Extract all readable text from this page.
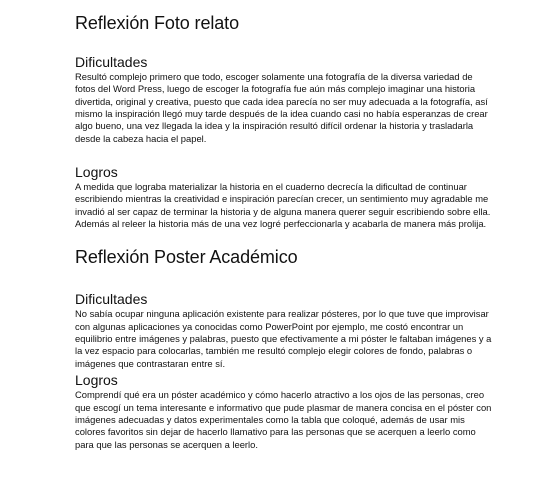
Reflexión Foto relato
Dificultades

Resultó complejo primero que todo, escoger solamente una fotografía de la diversa variedad de fotos del Word Press, luego de escoger la fotografía fue aún más complejo imaginar una historia divertida, original y creativa, puesto que cada idea parecía no ser muy adecuada a la fotografía, así mismo la inspiración llegó muy tarde después de la idea cuando casi no había esperanzas de crear algo bueno, una vez llegada la idea y la inspiración resultó difícil ordenar la historia y trasladarla desde la cabeza hacia el papel.

Logros

A medida que lograba materializar la historia en el cuaderno decrecía la dificultad de continuar escribiendo mientras la creatividad e inspiración parecían crecer, un sentimiento muy agradable me invadió al ser capaz de terminar la historia y de alguna manera querer seguir escribiendo sobre ella. Además al releer la historia más de una vez logré perfeccionarla y acabarla de manera más prolija.

Reflexión Poster Académico
Dificultades

No sabía ocupar ninguna aplicación existente para realizar pósteres, por lo que tuve que improvisar con algunas aplicaciones ya conocidas como PowerPoint por ejemplo, me costó encontrar un equilibrio entre imágenes y palabras, puesto que efectivamente a mi póster le faltaban imágenes y a la vez espacio para colocarlas, también me resultó complejo elegir colores de fondo, palabras o imágenes que contrastaran entre sí.

Logros

Comprendí qué era un póster académico y cómo hacerlo atractivo a los ojos de las personas, creo que escogí un tema interesante e informativo que pude plasmar de manera concisa en el póster con imágenes adecuadas y datos experimentales como la tabla que coloqué, además de usar mis colores favoritos sin dejar de hacerlo llamativo para las personas que se acerquen a leerlo como para que las personas se acerquen a leerlo.
